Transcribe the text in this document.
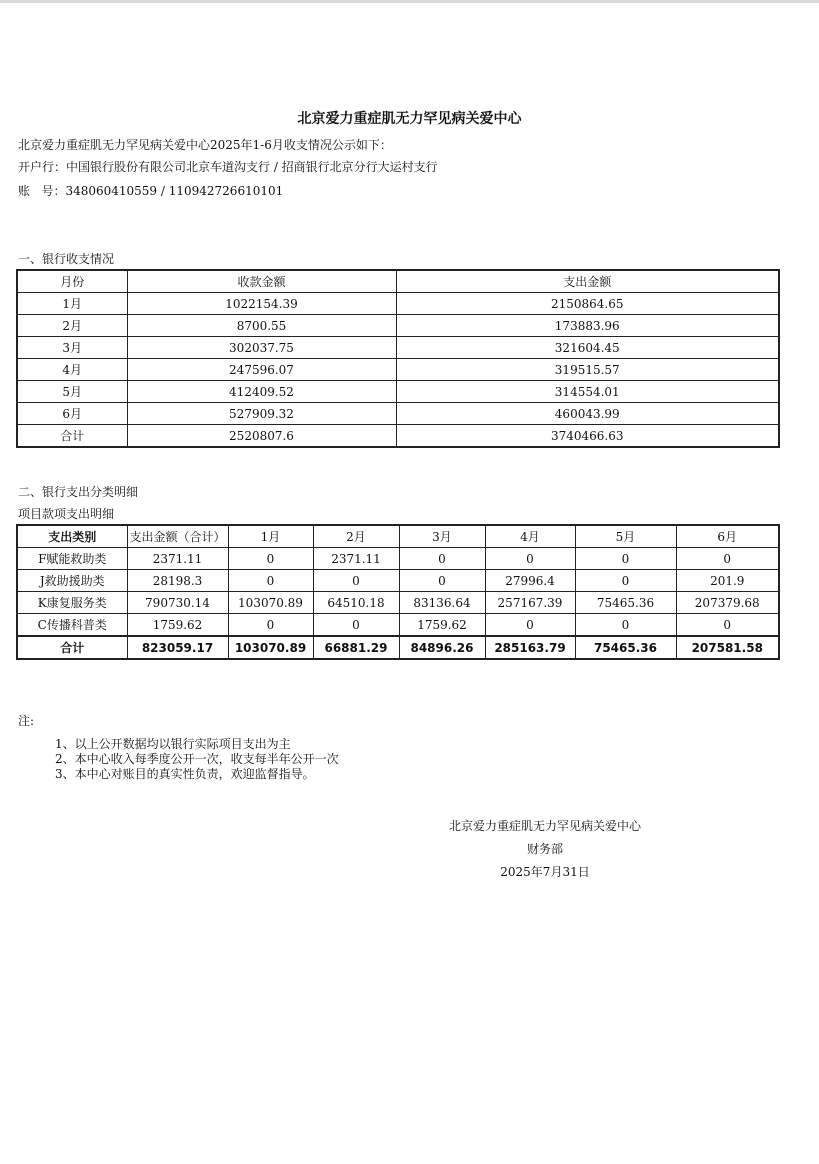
北京爱力重症肌无力罕见病关爱中心
北京爱力重症肌无力罕见病关爱中心2025年1-6月收支情况公示如下：
开户行：中国银行股份有限公司北京车道沟支行 / 招商银行北京分行大运村支行
账   号：348060410559 / 110942726610101
一、银行收支情况
月份	收款金额	支出金额
1月	1022154.39	2150864.65
2月	8700.55	173883.96
3月	302037.75	321604.45
4月	247596.07	319515.57
5月	412409.52	314554.01
6月	527909.32	460043.99
合计	2520807.6	3740466.63
二、银行支出分类明细
项目款项支出明细
支出类别	支出金额（合计）	1月	2月	3月	4月	5月	6月
F赋能救助类	2371.11	0	2371.11	0	0	0	0
J救助援助类	28198.3	0	0	0	27996.4	0	201.9
K康复服务类	790730.14	103070.89	64510.18	83136.64	257167.39	75465.36	207379.68
C传播科普类	1759.62	0	0	1759.62	0	0	0
合计	823059.17	103070.89	66881.29	84896.26	285163.79	75465.36	207581.58
注:
1、以上公开数据均以银行实际项目支出为主
2、本中心收入每季度公开一次，收支每半年公开一次
3、本中心对账目的真实性负责，欢迎监督指导。
北京爱力重症肌无力罕见病关爱中心
财务部
2025年7月31日
